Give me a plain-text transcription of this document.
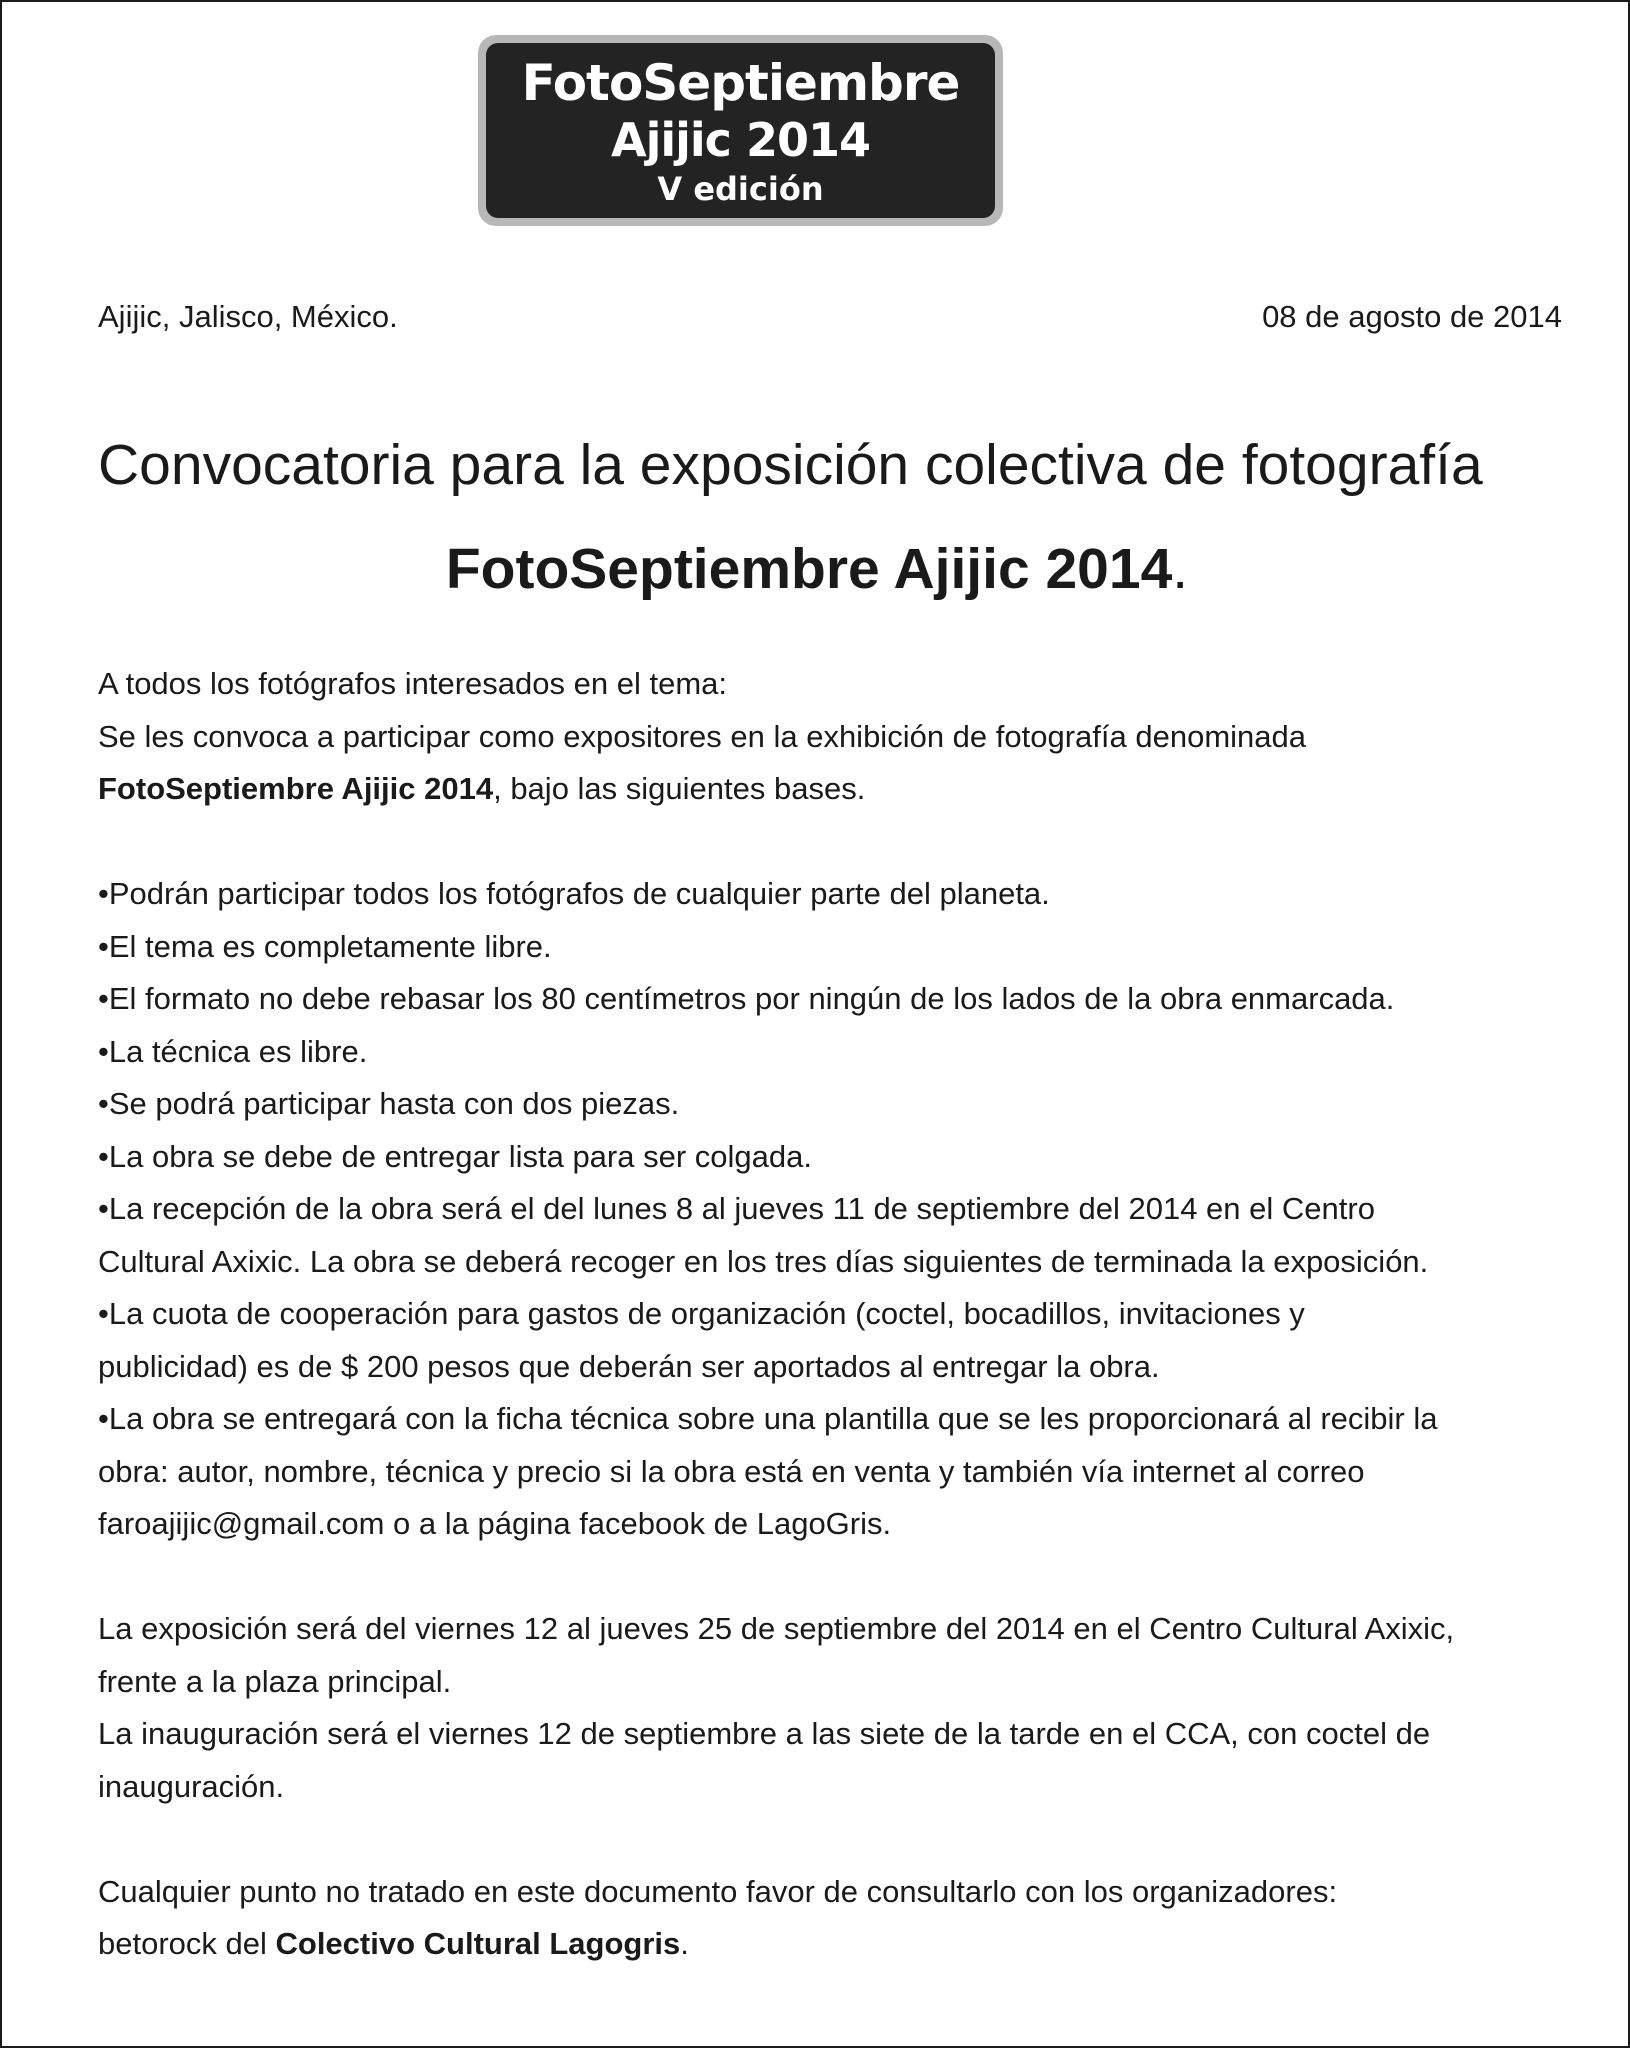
FotoSeptiembre
Ajijic 2014
V edición
Ajijic, Jalisco, México.	08 de agosto de 2014
Convocatoria para la exposición colectiva de fotografía
FotoSeptiembre Ajijic 2014.

A todos los fotógrafos interesados en el tema:

Se les convoca a participar como expositores en la exhibición de fotografía denominada

FotoSeptiembre Ajijic 2014, bajo las siguientes bases.

•Podrán participar todos los fotógrafos de cualquier parte del planeta.

•El tema es completamente libre.

•El formato no debe rebasar los 80 centímetros por ningún de los lados de la obra enmarcada.

•La técnica es libre.

•Se podrá participar hasta con dos piezas.

•La obra se debe de entregar lista para ser colgada.

•La recepción de la obra será el del lunes 8 al jueves 11 de septiembre del 2014 en el Centro

Cultural Axixic. La obra se deberá recoger en los tres días siguientes de terminada la exposición.

•La cuota de cooperación para gastos de organización (coctel, bocadillos, invitaciones y

publicidad) es de $ 200 pesos que deberán ser aportados al entregar la obra.

•La obra se entregará con la ficha técnica sobre una plantilla que se les proporcionará al recibir la

obra: autor, nombre, técnica y precio si la obra está en venta y también vía internet al correo

faroajijic@gmail.com o a la página facebook de LagoGris.

La exposición será del viernes 12 al jueves 25 de septiembre del 2014 en el Centro Cultural Axixic,

frente a la plaza principal.

La inauguración será el viernes 12 de septiembre a las siete de la tarde en el CCA, con coctel de

inauguración.

Cualquier punto no tratado en este documento favor de consultarlo con los organizadores:

betorock del Colectivo Cultural Lagogris.
